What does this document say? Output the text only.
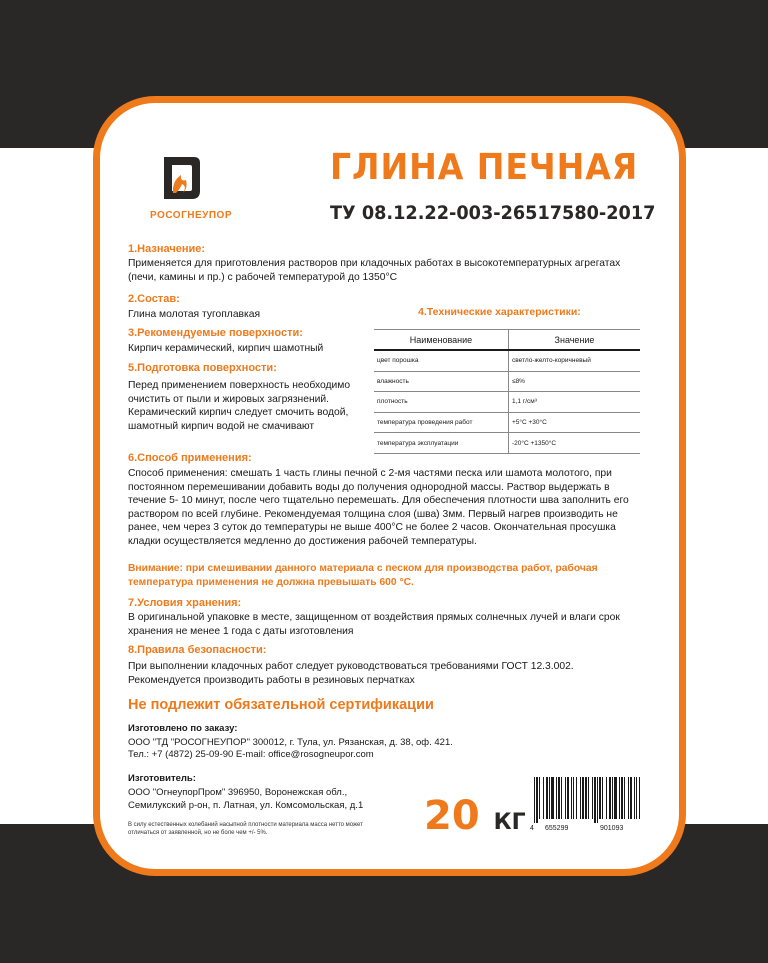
РОСОГНЕУПОР
ГЛИНА ПЕЧНАЯ
ТУ 08.12.22-003-26517580-2017
1.Назначение:
Применяется для приготовления растворов при кладочных работах в высокотемпературных агрегатах (печи, камины и пр.) с рабочей температурой до 1350°С
2.Состав:
Глина молотая тугоплавкая
3.Рекомендуемые поверхности:
Кирпич керамический, кирпич шамотный
5.Подготовка поверхности:
Перед применением поверхность необходимо очистить от пыли и жировых загрязнений. Керамический кирпич следует смочить водой, шамотный кирпич водой не смачивают
4.Технические характеристики:
Наименование	Значение
цвет порошка	светло-желто-коричневый
влажность	≤8%
плотность	1,1 г/см³
температура проведения работ	+5°С +30°С
температура эксплуатации	-20°С +1350°С
6.Способ применения:
Способ применения: смешать 1 часть глины печной с 2-мя частями песка или шамота молотого, при постоянном перемешивании добавить воды до получения однородной массы. Раствор выдержать в течение 5- 10 минут, после чего тщательно перемешать. Для обеспечения плотности шва заполнить его раствором по всей глубине. Рекомендуемая толщина слоя (шва) 3мм. Первый нагрев производить не ранее, чем через 3 суток до температуры не выше 400°С не более 2 часов. Окончательная просушка кладки осуществляется медленно до достижения рабочей температуры.
Внимание: при смешивании данного материала с песком для производства работ, рабочая температура применения не должна превышать 600 °С.
7.Условия хранения:
В оригинальной упаковке в месте, защищенном от воздействия прямых солнечных лучей и влаги срок хранения не менее 1 года с даты изготовления
8.Правила безопасности:
При выполнении кладочных работ следует руководствоваться требованиями ГОСТ 12.3.002. Рекомендуется производить работы в резиновых перчатках
Не подлежит обязательной сертификации
Изготовлено по заказу:
ООО "ТД "РОСОГНЕУПОР" 300012, г. Тула, ул. Рязанская, д. 38, оф. 421.
Тел.: +7 (4872) 25-09-90 E-mail: office@rosogneupor.com
Изготовитель:
ООО "ОгнеупорПром" 396950, Воронежская обл.,
Семилукский р-он, п. Латная, ул. Комсомольская, д.1
В силу естественных колебаний насыпной плотности материала масса нетто может отличаться от заявленной, но не боле чем +/- 5%.	20 КГ 4 655299	901093
